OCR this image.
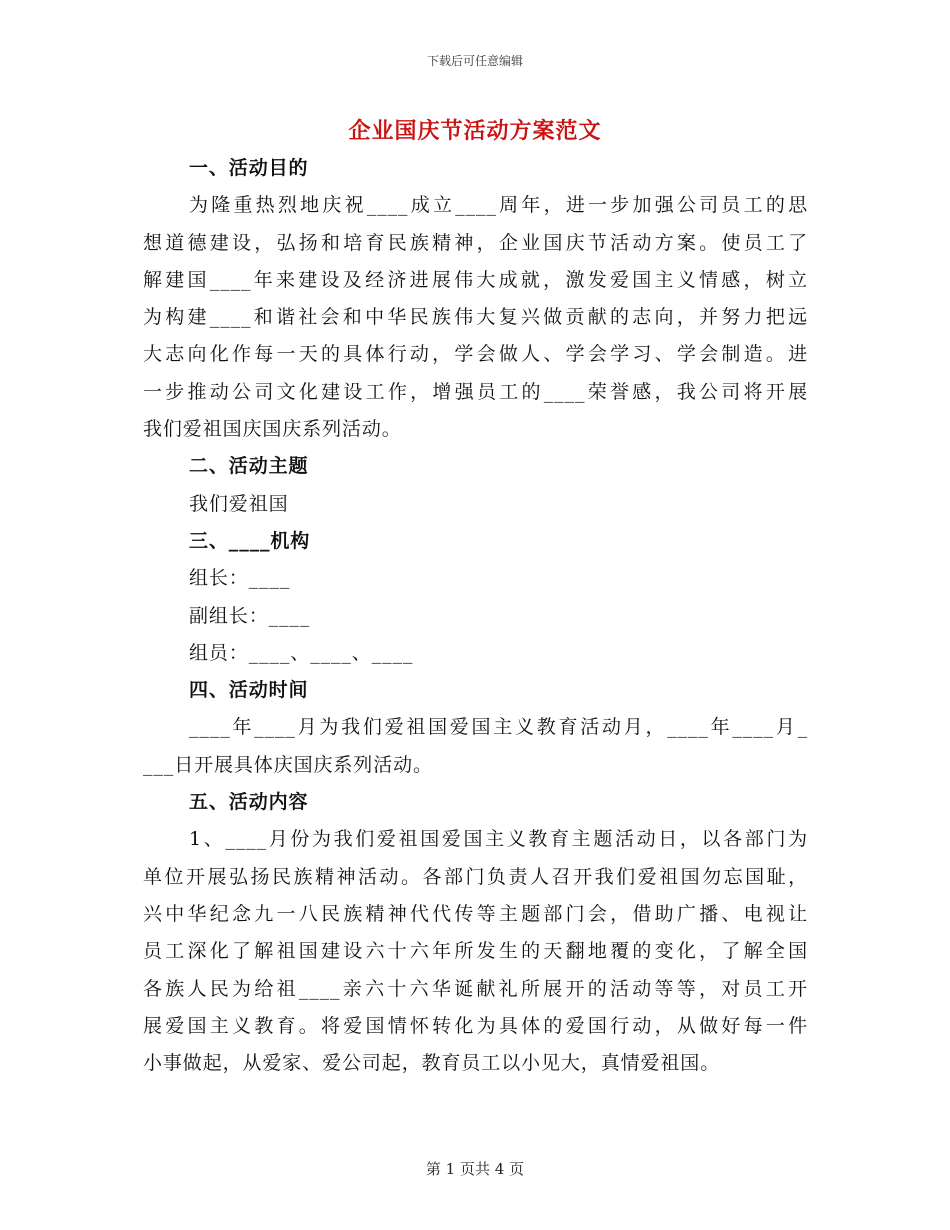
下载后可任意编辑
企业国庆节活动方案范文
一、活动目的
为隆重热烈地庆祝____成立____周年，进一步加强公司员工的思
想道德建设，弘扬和培育民族精神，企业国庆节活动方案。使员工了
解建国____年来建设及经济进展伟大成就，激发爱国主义情感，树立
为构建____和谐社会和中华民族伟大复兴做贡献的志向，并努力把远
大志向化作每一天的具体行动，学会做人、学会学习、学会制造。进
一步推动公司文化建设工作，增强员工的____荣誉感，我公司将开展
我们爱祖国庆国庆系列活动。
二、活动主题
我们爱祖国
三、____机构
组长：____
副组长：____
组员：____、____、____
四、活动时间
____年____月为我们爱祖国爱国主义教育活动月，____年____月_
___日开展具体庆国庆系列活动。
五、活动内容
1、____月份为我们爱祖国爱国主义教育主题活动日，以各部门为
单位开展弘扬民族精神活动。各部门负责人召开我们爱祖国勿忘国耻，
兴中华纪念九一八民族精神代代传等主题部门会，借助广播、电视让
员工深化了解祖国建设六十六年所发生的天翻地覆的变化，了解全国
各族人民为给祖____亲六十六华诞献礼所展开的活动等等，对员工开
展爱国主义教育。将爱国情怀转化为具体的爱国行动，从做好每一件
小事做起，从爱家、爱公司起，教育员工以小见大，真情爱祖国。
第 1 页共 4 页
